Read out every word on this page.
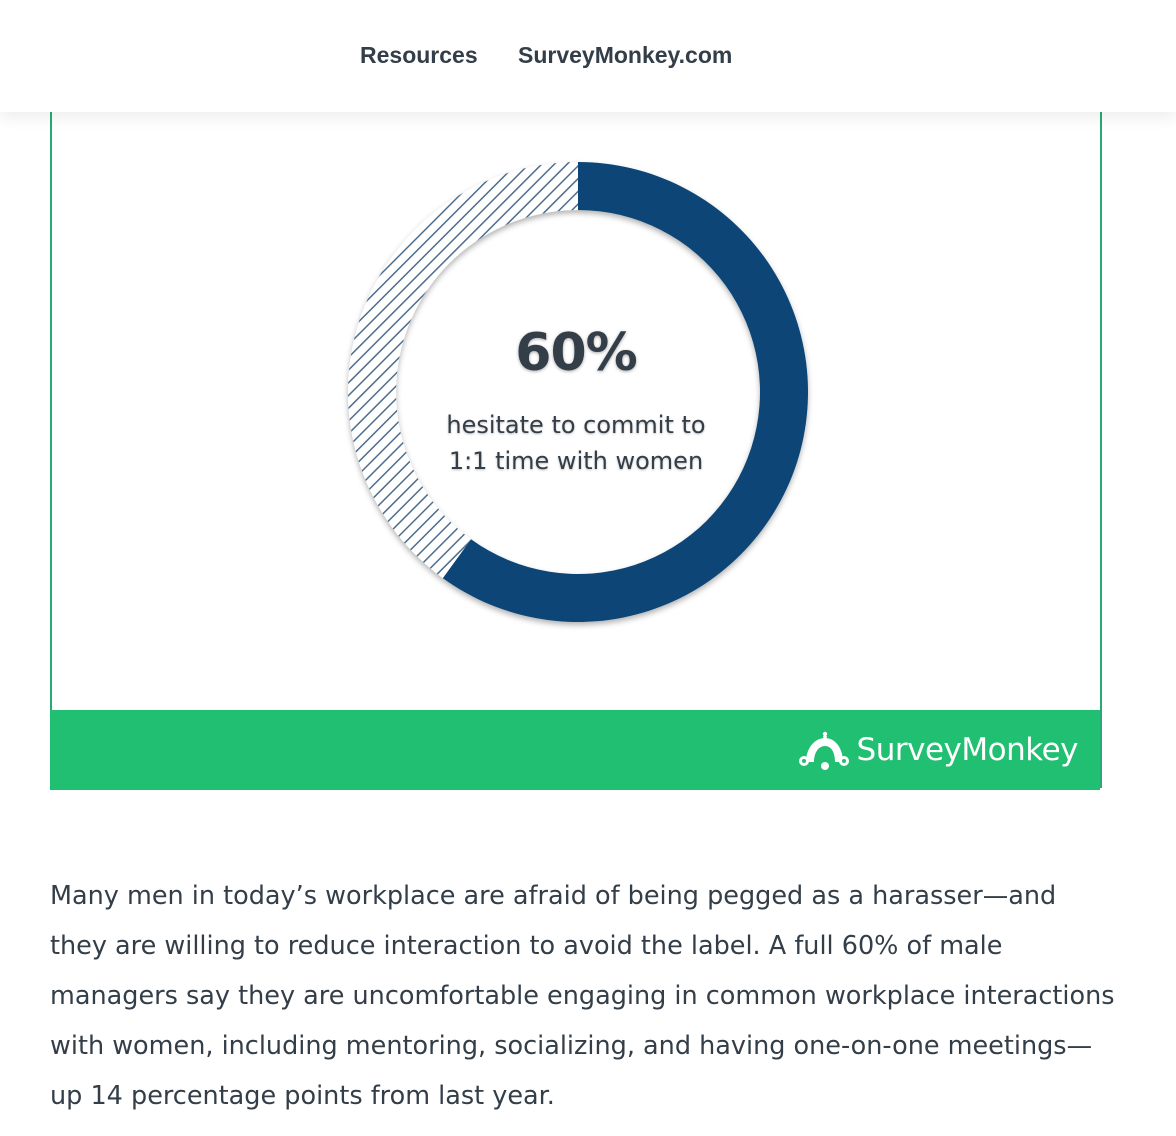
Resources SurveyMonkey.com
60%
hesitate to commit to
1:1 time with women
SurveyMonkey

Many men in today’s workplace are afraid of being pegged as a harasser—and they are willing to reduce interaction to avoid the label. A full 60% of male managers say they are uncomfortable engaging in common workplace interactions with women, including mentoring, socializing, and having one-on-one meetings—up 14 percentage points from last year.
